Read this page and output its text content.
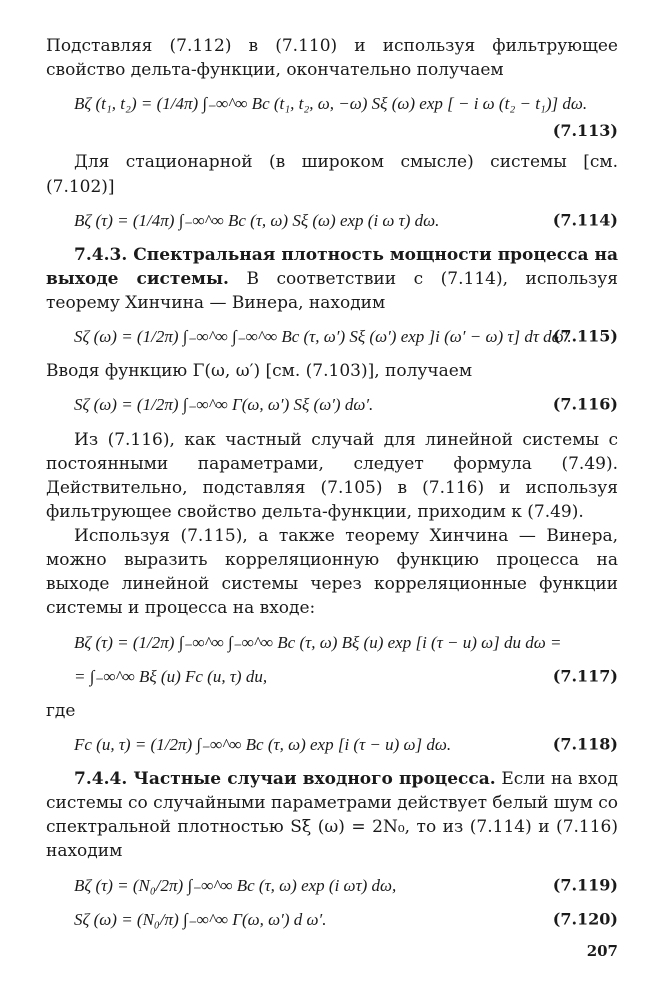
Подставляя (7.112) в (7.110) и используя фильтрующее свойство дельта-функции, окончательно получаем

Bζ (t₁, t₂) = (1/4π) ∫₋∞^∞ Bc (t₁, t₂, ω, −ω) Sξ (ω) exp [ − i ω (t₂ − t₁)] dω.
(7.113)

Для стационарной (в широком смысле) системы [см. (7.102)]

Bζ (τ) = (1/4π) ∫₋∞^∞ Bc (τ, ω) Sξ (ω) exp (i ω τ) dω.	(7.114)

7.4.3. Спектральная плотность мощности процесса на выходе системы. В соответствии с (7.114), используя теорему Хинчина — Винера, находим

Sζ (ω) = (1/2π) ∫₋∞^∞ ∫₋∞^∞ Bc (τ, ω′) Sξ (ω′) exp ]i (ω′ − ω) τ] dτ dω′.
(7.115)

Вводя функцию Γ(ω, ω′) [см. (7.103)], получаем

Sζ (ω) = (1/2π) ∫₋∞^∞ Γ(ω, ω′) Sξ (ω′) dω′.	(7.116)

Из (7.116), как частный случай для линейной системы с постоянными параметрами, следует формула (7.49). Действительно, подставляя (7.105) в (7.116) и используя фильтрующее свойство дельта-функции, приходим к (7.49).

Используя (7.115), а также теорему Хинчина — Винера, можно выразить корреляционную функцию процесса на выходе линейной системы через корреляционные функции системы и процесса на входе:

Bζ (τ) = (1/2π) ∫₋∞^∞ ∫₋∞^∞ Bc (τ, ω) Bξ (u) exp [i (τ − u) ω] du dω =
= ∫₋∞^∞ Bξ (u) Fc (u, τ) du,	(7.117)

где

Fc (u, τ) = (1/2π) ∫₋∞^∞ Bc (τ, ω) exp [i (τ − u) ω] dω.	(7.118)

7.4.4. Частные случаи входного процесса. Если на вход системы со случайными параметрами действует белый шум со спектральной плотностью Sξ (ω) = 2N₀, то из (7.114) и (7.116) находим

Bζ (τ) = (N₀/2π) ∫₋∞^∞ Bc (τ, ω) exp (i ωτ) dω,	(7.119)
Sζ (ω) = (N₀/π) ∫₋∞^∞ Γ(ω, ω′) d ω′.	(7.120)
207
